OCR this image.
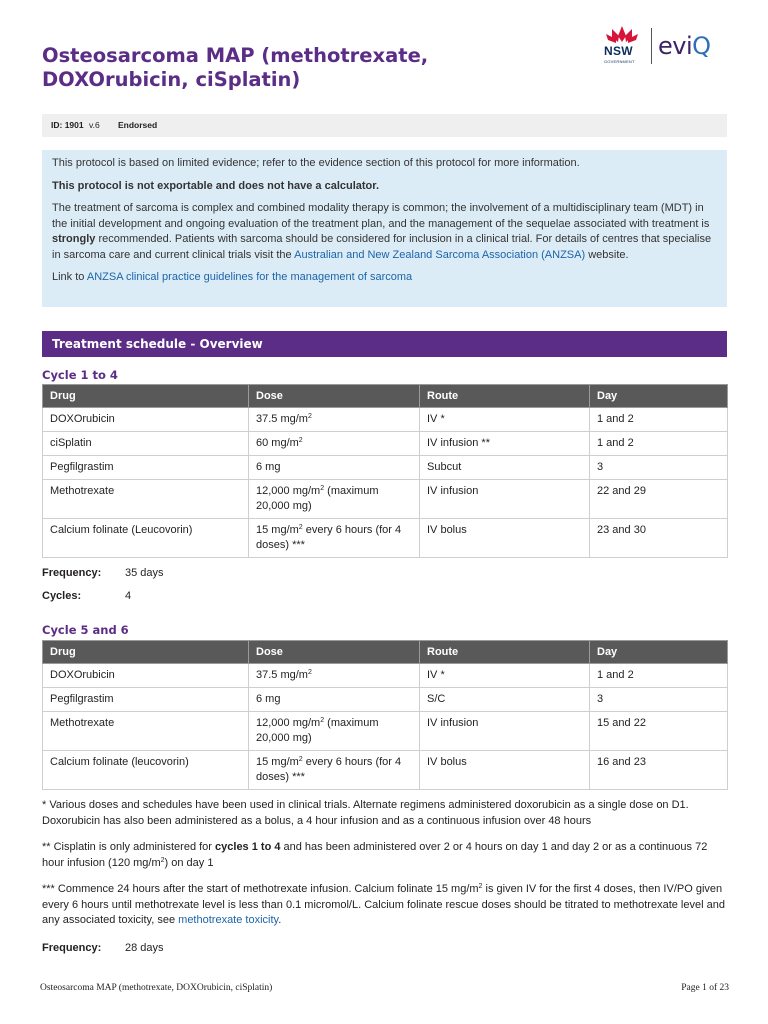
Osteosarcoma MAP (methotrexate, DOXOrubicin, ciSplatin)
NSW
GOVERNMENT
eviQ
ID: 1901 v.6 Endorsed

This protocol is based on limited evidence; refer to the evidence section of this protocol for more information.

This protocol is not exportable and does not have a calculator.

The treatment of sarcoma is complex and combined modality therapy is common; the involvement of a multidisciplinary team (MDT) in the initial development and ongoing evaluation of the treatment plan, and the management of the sequelae associated with treatment is strongly recommended. Patients with sarcoma should be considered for inclusion in a clinical trial. For details of centres that specialise in sarcoma care and current clinical trials visit the Australian and New Zealand Sarcoma Association (ANZSA) website.

Link to ANZSA clinical practice guidelines for the management of sarcoma

Treatment schedule - Overview
Cycle 1 to 4
Drug	Dose	Route	Day
DOXOrubicin	37.5 $mg/m^2$	IV *	1 and 2
ciSplatin	60 $mg/m^2$	IV infusion **	1 and 2
Pegfilgrastim	6 mg	Subcut	3
Methotrexate	12,000 $mg/m^2$ (maximum 20,000 mg)	IV infusion	22 and 29
Calcium folinate (Leucovorin)	15 $mg/m^2$ every 6 hours (for 4 doses) ***	IV bolus	23 and 30
Frequency: 35 days
Cycles:	4
Cycle 5 and 6
Drug	Dose	Route	Day
DOXOrubicin	37.5 $mg/m^2$	IV *	1 and 2
Pegfilgrastim	6 mg	S/C	3
Methotrexate	12,000 $mg/m^2$ (maximum 20,000 mg)	IV infusion	15 and 22
Calcium folinate (leucovorin)	15 $mg/m^2$ every 6 hours (for 4 doses) ***	IV bolus	16 and 23
* Various doses and schedules have been used in clinical trials. Alternate regimens administered doxorubicin as a single dose on D1. Doxorubicin has also been administered as a bolus, a 4 hour infusion and as a continuous infusion over 48 hours
** Cisplatin is only administered for cycles 1 to 4 and has been administered over 2 or 4 hours on day 1 and day 2 or as a continuous 72 hour infusion (120 $mg/m^2$) on day 1
*** Commence 24 hours after the start of methotrexate infusion. Calcium folinate 15 $mg/m^2$ is given IV for the first 4 doses, then IV/PO given every 6 hours until methotrexate level is less than 0.1 micromol/L. Calcium folinate rescue doses should be titrated to methotrexate level and any associated toxicity, see methotrexate toxicity.
Frequency: 28 days
Osteosarcoma MAP (methotrexate, DOXOrubicin, ciSplatin)	Page 1 of 23
